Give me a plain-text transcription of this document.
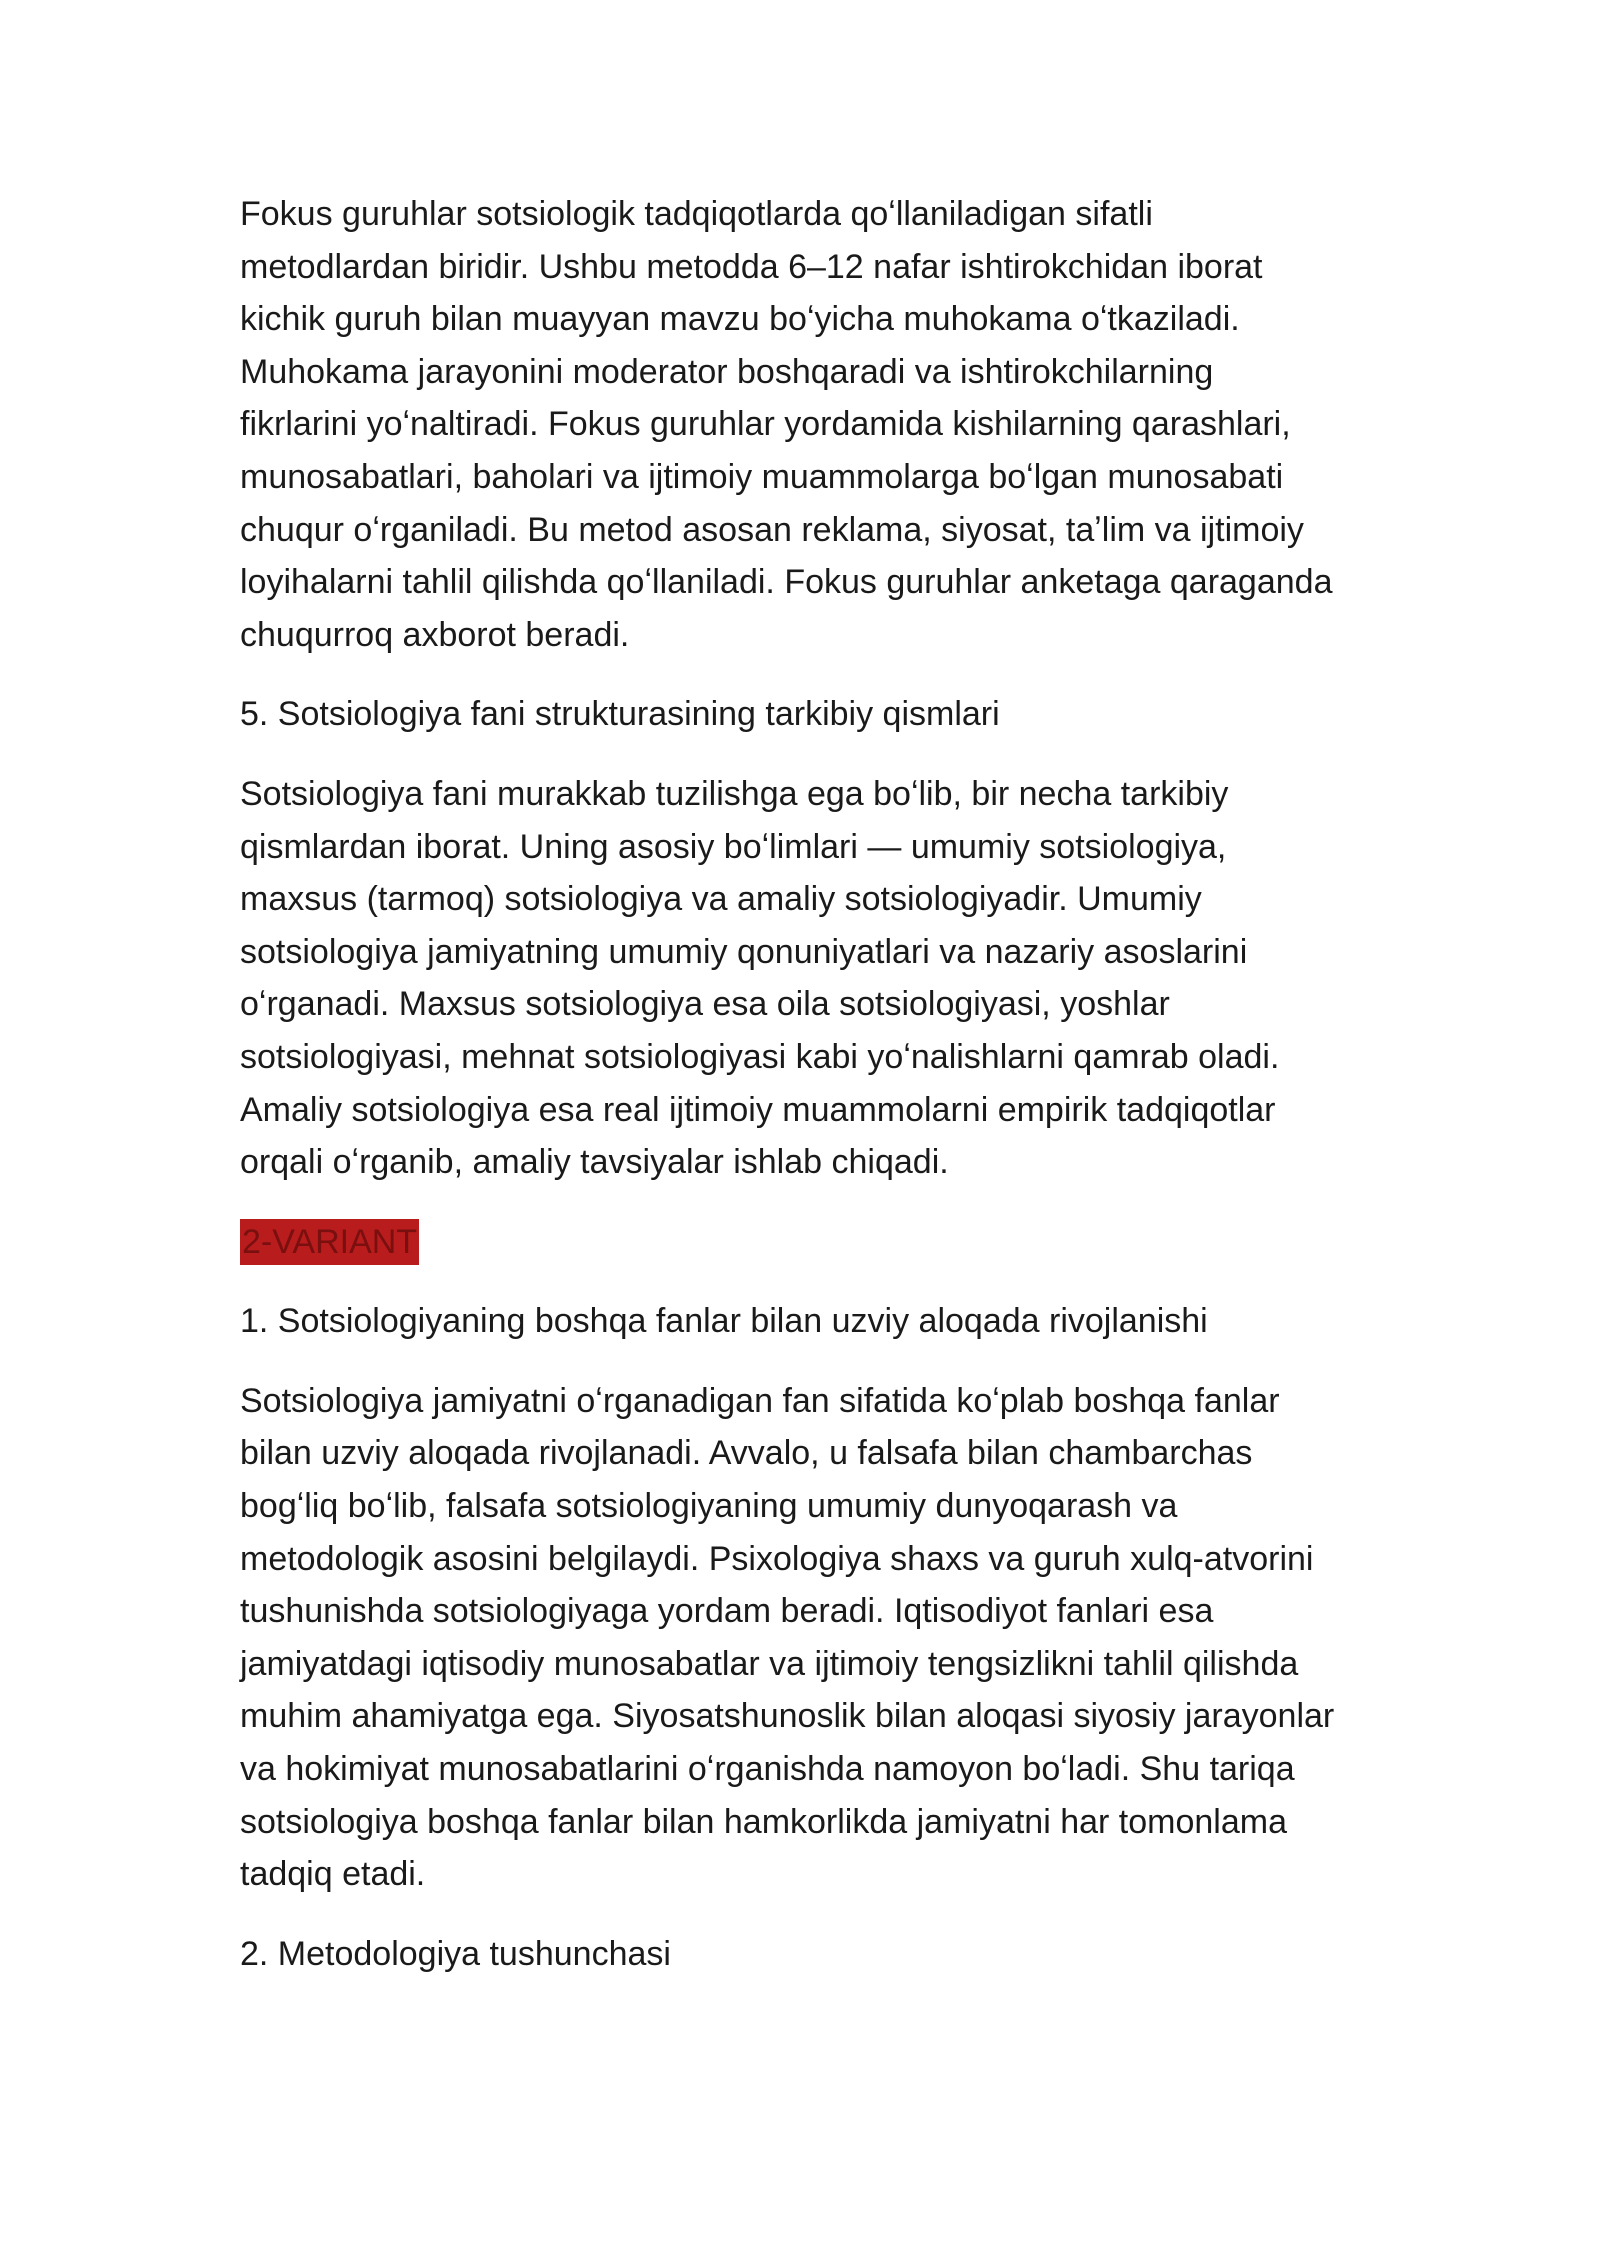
Fokus guruhlar sotsiologik tadqiqotlarda qoʻllaniladigan sifatli
metodlardan biridir. Ushbu metodda 6–12 nafar ishtirokchidan iborat
kichik guruh bilan muayyan mavzu boʻyicha muhokama oʻtkaziladi.
Muhokama jarayonini moderator boshqaradi va ishtirokchilarning
fikrlarini yoʻnaltiradi. Fokus guruhlar yordamida kishilarning qarashlari,
munosabatlari, baholari va ijtimoiy muammolarga boʻlgan munosabati
chuqur oʻrganiladi. Bu metod asosan reklama, siyosat, taʼlim va ijtimoiy
loyihalarni tahlil qilishda qoʻllaniladi. Fokus guruhlar anketaga qaraganda
chuqurroq axborot beradi.

5. Sotsiologiya fani strukturasining tarkibiy qismlari

Sotsiologiya fani murakkab tuzilishga ega boʻlib, bir necha tarkibiy
qismlardan iborat. Uning asosiy boʻlimlari — umumiy sotsiologiya,
maxsus (tarmoq) sotsiologiya va amaliy sotsiologiyadir. Umumiy
sotsiologiya jamiyatning umumiy qonuniyatlari va nazariy asoslarini
oʻrganadi. Maxsus sotsiologiya esa oila sotsiologiyasi, yoshlar
sotsiologiyasi, mehnat sotsiologiyasi kabi yoʻnalishlarni qamrab oladi.
Amaliy sotsiologiya esa real ijtimoiy muammolarni empirik tadqiqotlar
orqali oʻrganib, amaliy tavsiyalar ishlab chiqadi.

2-VARIANT

1. Sotsiologiyaning boshqa fanlar bilan uzviy aloqada rivojlanishi

Sotsiologiya jamiyatni oʻrganadigan fan sifatida koʻplab boshqa fanlar
bilan uzviy aloqada rivojlanadi. Avvalo, u falsafa bilan chambarchas
bogʻliq boʻlib, falsafa sotsiologiyaning umumiy dunyoqarash va
metodologik asosini belgilaydi. Psixologiya shaxs va guruh xulq-atvorini
tushunishda sotsiologiyaga yordam beradi. Iqtisodiyot fanlari esa
jamiyatdagi iqtisodiy munosabatlar va ijtimoiy tengsizlikni tahlil qilishda
muhim ahamiyatga ega. Siyosatshunoslik bilan aloqasi siyosiy jarayonlar
va hokimiyat munosabatlarini oʻrganishda namoyon boʻladi. Shu tariqa
sotsiologiya boshqa fanlar bilan hamkorlikda jamiyatni har tomonlama
tadqiq etadi.

2. Metodologiya tushunchasi
